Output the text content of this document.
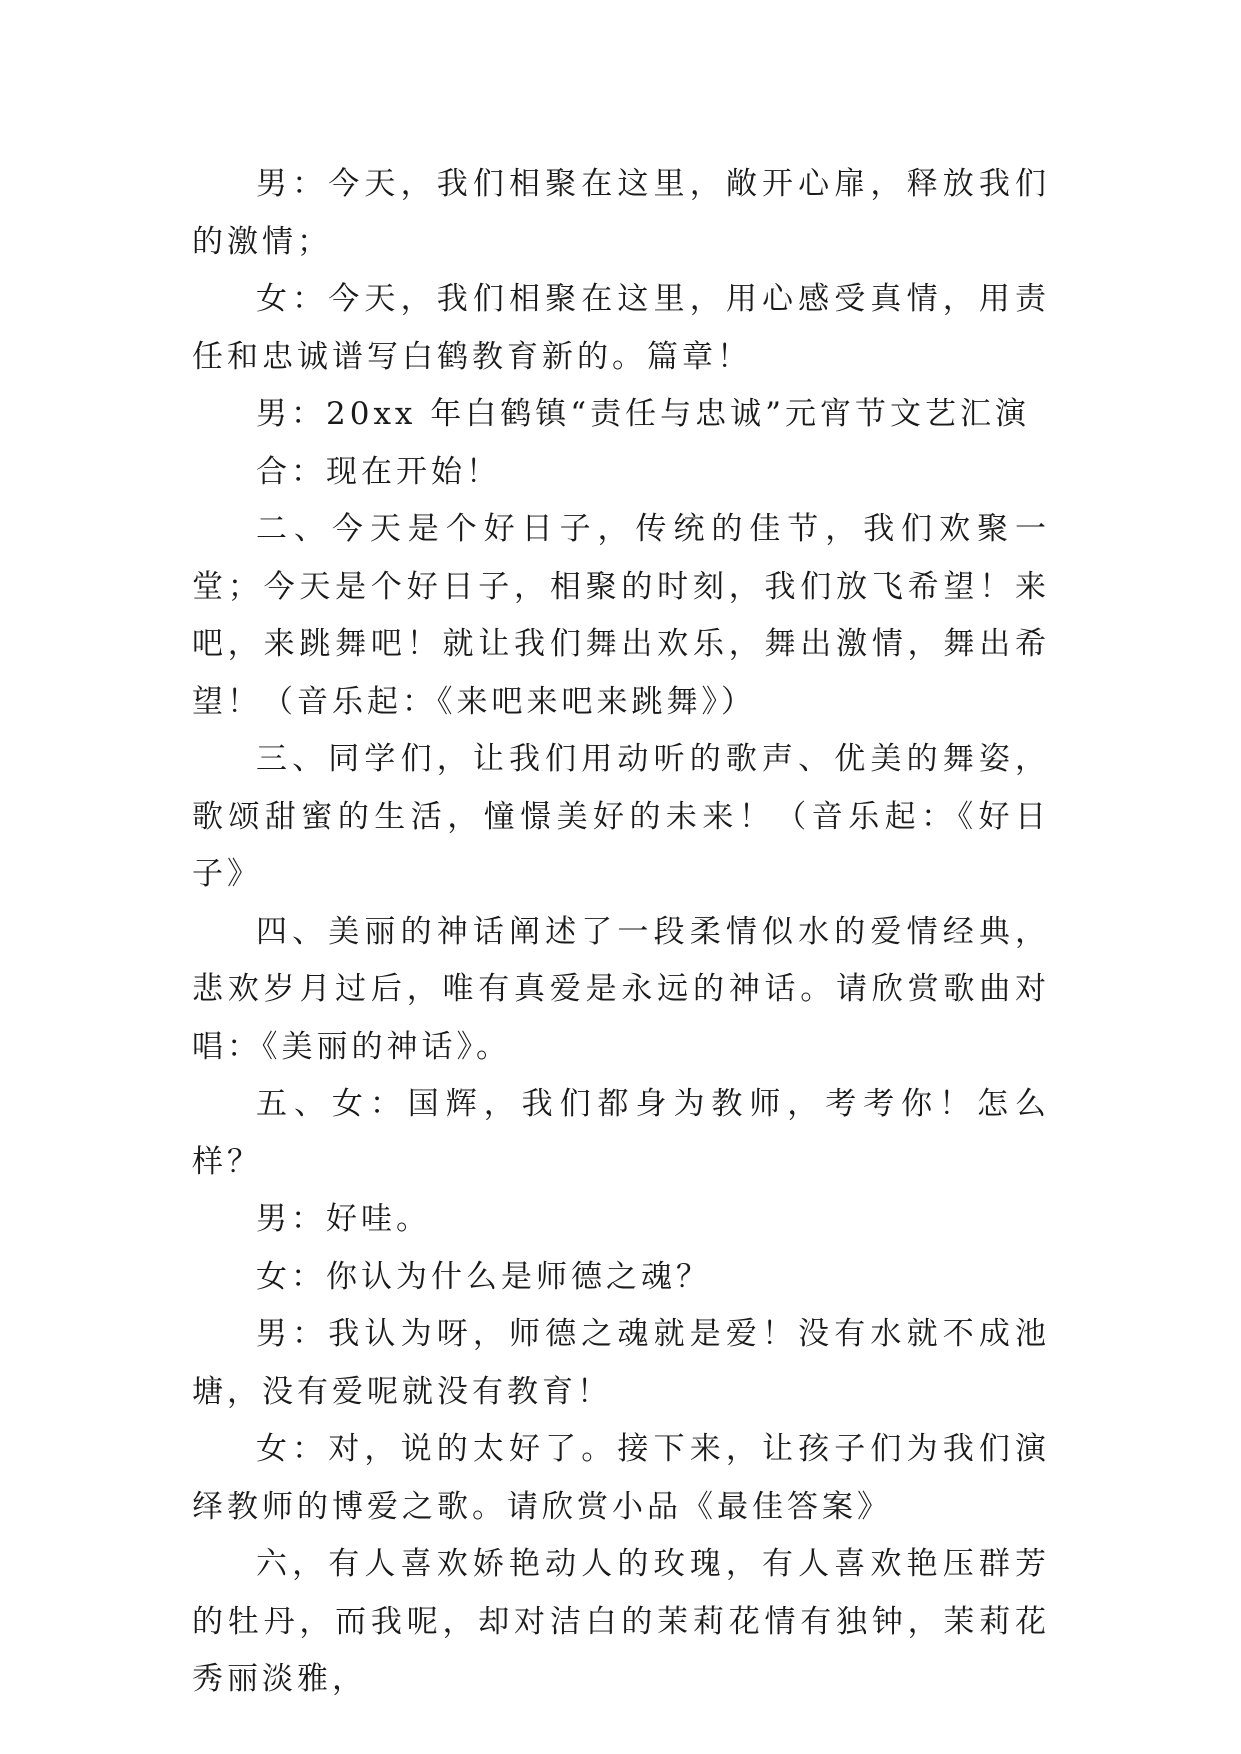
男：今天，我们相聚在这里，敞开心扉，释放我们的激情；

女：今天，我们相聚在这里，用心感受真情，用责任和忠诚谱写白鹤教育新的。篇章！

男：20xx 年白鹤镇“责任与忠诚”元宵节文艺汇演

合：现在开始！

二、今天是个好日子，传统的佳节，我们欢聚一堂；今天是个好日子，相聚的时刻，我们放飞希望！来吧，来跳舞吧！就让我们舞出欢乐，舞出激情，舞出希望！（音乐起：《来吧来吧来跳舞》）

三、同学们，让我们用动听的歌声、优美的舞姿，歌颂甜蜜的生活，憧憬美好的未来！（音乐起：《好日子》

四、美丽的神话阐述了一段柔情似水的爱情经典，悲欢岁月过后，唯有真爱是永远的神话。请欣赏歌曲对唱：《美丽的神话》。

五、女：国辉，我们都身为教师，考考你！怎么样？

男：好哇。

女：你认为什么是师德之魂？

男：我认为呀，师德之魂就是爱！没有水就不成池塘，没有爱呢就没有教育！

女：对，说的太好了。接下来，让孩子们为我们演绎教师的博爱之歌。请欣赏小品《最佳答案》

六，有人喜欢娇艳动人的玫瑰，有人喜欢艳压群芳的牡丹，而我呢，却对洁白的茉莉花情有独钟，茉莉花秀丽淡雅，
